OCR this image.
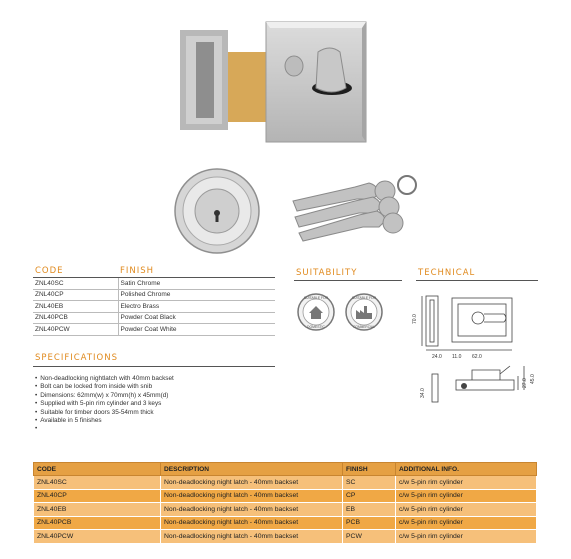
CODE	FINISH
ZNL40SC	Satin Chrome
ZNL40CP	Polished Chrome
ZNL40EB	Electro Brass
ZNL40PCB	Powder Coat Black
ZNL40PCW	Powder Coat White
SPECIFICATIONS
• Non-deadlocking nightlatch with 40mm backset
• Bolt can be locked from inside with snib
• Dimensions: 62mm(w) x 70mm(h) x 45mm(d)
• Supplied with 5-pin rim cylinder and 3 keys
• Suitable for timber doors 35-54mm thick
• Available in 5 finishes
•
SUITABILITY
SUITABLE FOR
DOMESTIC
SUITABLE FOR
COMMERCIAL
TECHNICAL
70.0
24.0 11.0 62.0
45.0
27.0
34.0
CODE	DESCRIPTION	FINISH	ADDITIONAL INFO.
ZNL40SC	Non-deadlocking night latch - 40mm backset	SC	c/w 5-pin rim cylinder
ZNL40CP	Non-deadlocking night latch - 40mm backset	CP	c/w 5-pin rim cylinder
ZNL40EB	Non-deadlocking night latch - 40mm backset	EB	c/w 5-pin rim cylinder
ZNL40PCB	Non-deadlocking night latch - 40mm backset	PCB	c/w 5-pin rim cylinder
ZNL40PCW	Non-deadlocking night latch - 40mm backset	PCW	c/w 5-pin rim cylinder
